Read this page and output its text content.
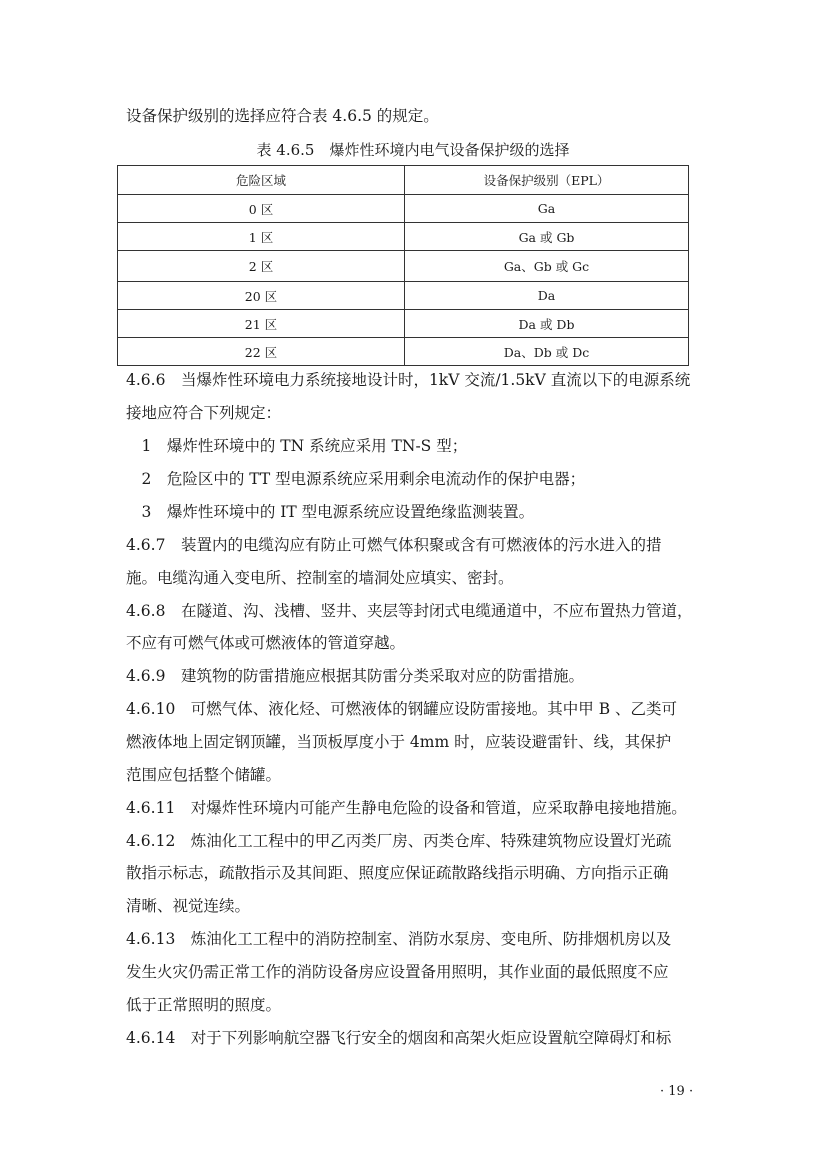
设备保护级别的选择应符合表 4.6.5 的规定。
表 4.6.5　爆炸性环境内电气设备保护级的选择
危险区域	设备保护级别（EPL）
0 区	Ga
1 区	Ga 或 Gb
2 区	Ga、Gb 或 Gc
20 区	Da
21 区	Da 或 Db
22 区	Da、Db 或 Dc
4.6.6　当爆炸性环境电力系统接地设计时，1kV 交流/1.5kV 直流以下的电源系统
接地应符合下列规定：
　1　爆炸性环境中的 TN 系统应采用 TN-S 型；
　2　危险区中的 TT 型电源系统应采用剩余电流动作的保护电器；
　3　爆炸性环境中的 IT 型电源系统应设置绝缘监测装置。
4.6.7　装置内的电缆沟应有防止可燃气体积聚或含有可燃液体的污水进入的措
施。电缆沟通入变电所、控制室的墙洞处应填实、密封。
4.6.8　在隧道、沟、浅槽、竖井、夹层等封闭式电缆通道中，不应布置热力管道，
不应有可燃气体或可燃液体的管道穿越。
4.6.9　建筑物的防雷措施应根据其防雷分类采取对应的防雷措施。
4.6.10　可燃气体、液化烃、可燃液体的钢罐应设防雷接地。其中甲 B 、乙类可
燃液体地上固定钢顶罐，当顶板厚度小于 4mm 时，应装设避雷针、线，其保护
范围应包括整个储罐。
4.6.11　对爆炸性环境内可能产生静电危险的设备和管道，应采取静电接地措施。
4.6.12　炼油化工工程中的甲乙丙类厂房、丙类仓库、特殊建筑物应设置灯光疏
散指示标志，疏散指示及其间距、照度应保证疏散路线指示明确、方向指示正确
清晰、视觉连续。
4.6.13　炼油化工工程中的消防控制室、消防水泵房、变电所、防排烟机房以及
发生火灾仍需正常工作的消防设备房应设置备用照明，其作业面的最低照度不应
低于正常照明的照度。
4.6.14　对于下列影响航空器飞行安全的烟囱和高架火炬应设置航空障碍灯和标
· 19 ·
